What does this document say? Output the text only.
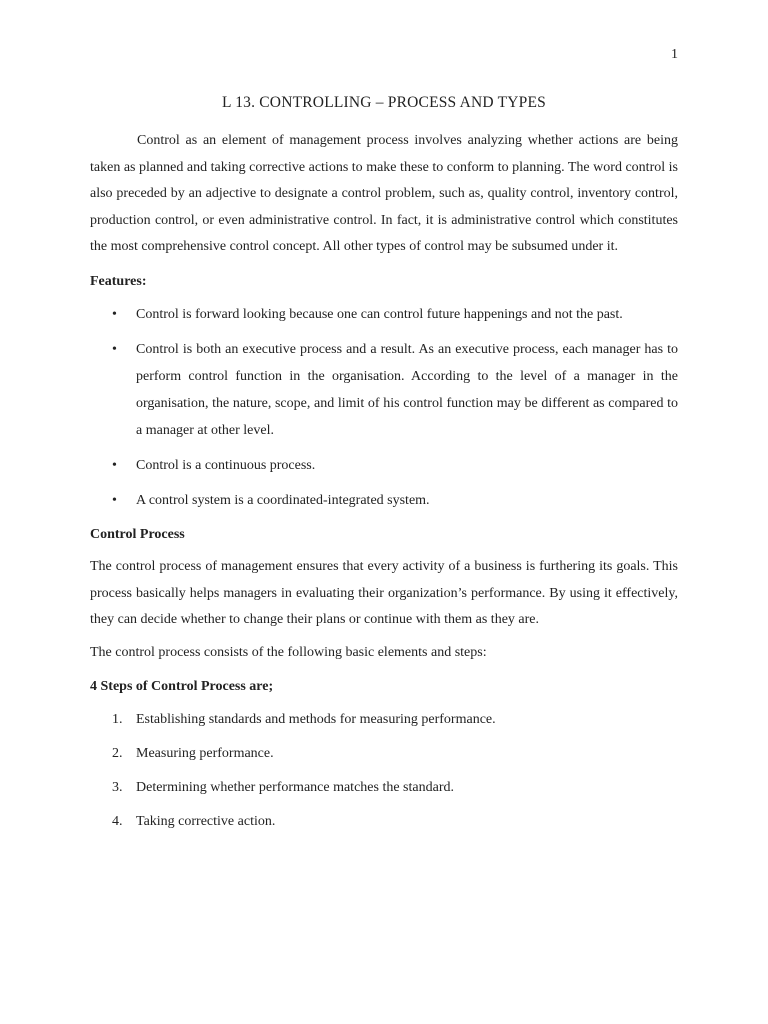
1
L 13. CONTROLLING – PROCESS AND TYPES

Control as an element of management process involves analyzing whether actions are being taken as planned and taking corrective actions to make these to conform to planning. The word control is also preceded by an adjective to designate a control problem, such as, quality control, inventory control, production control, or even administrative control. In fact, it is administrative control which constitutes the most comprehensive control concept. All other types of control may be subsumed under it.

Features:
• Control is forward looking because one can control future happenings and not the past.
• Control is both an executive process and a result. As an executive process, each manager has to perform control function in the organisation. According to the level of a manager in the organisation, the nature, scope, and limit of his control function may be different as compared to a manager at other level.
• Control is a continuous process.
• A control system is a coordinated-integrated system.
Control Process

The control process of management ensures that every activity of a business is furthering its goals. This process basically helps managers in evaluating their organization’s performance. By using it effectively, they can decide whether to change their plans or continue with them as they are.

The control process consists of the following basic elements and steps:

4 Steps of Control Process are;
1. Establishing standards and methods for measuring performance.
2. Measuring performance.
3. Determining whether performance matches the standard.
4. Taking corrective action.
